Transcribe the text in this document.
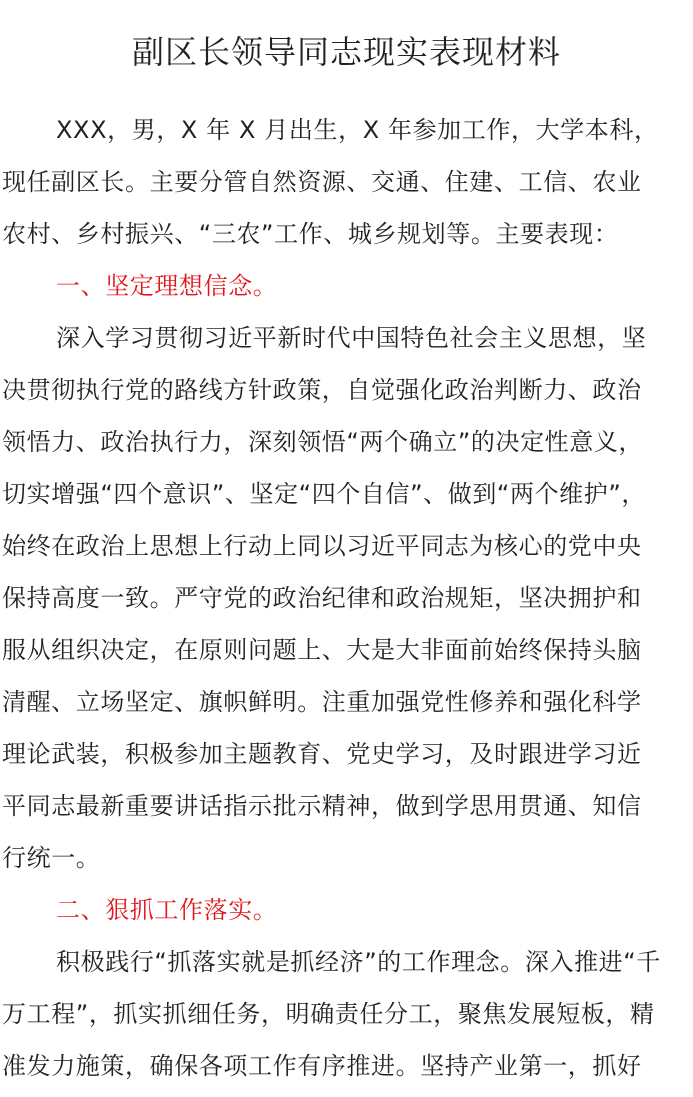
副区长领导同志现实表现材料
XXX，男，X 年 X 月出生，X 年参加工作，大学本科，
现任副区长。主要分管自然资源、交通、住建、工信、农业
农村、乡村振兴、“三农”工作、城乡规划等。主要表现：
一、坚定理想信念。
深入学习贯彻习近平新时代中国特色社会主义思想，坚
决贯彻执行党的路线方针政策，自觉强化政治判断力、政治
领悟力、政治执行力，深刻领悟“两个确立”的决定性意义，
切实增强“四个意识”、坚定“四个自信”、做到“两个维护”，
始终在政治上思想上行动上同以习近平同志为核心的党中央
保持高度一致。严守党的政治纪律和政治规矩，坚决拥护和
服从组织决定，在原则问题上、大是大非面前始终保持头脑
清醒、立场坚定、旗帜鲜明。注重加强党性修养和强化科学
理论武装，积极参加主题教育、党史学习，及时跟进学习近
平同志最新重要讲话指示批示精神，做到学思用贯通、知信
行统一。
二、狠抓工作落实。
积极践行“抓落实就是抓经济”的工作理念。深入推进“千
万工程”，抓实抓细任务，明确责任分工，聚焦发展短板，精
准发力施策，确保各项工作有序推进。坚持产业第一，抓好
